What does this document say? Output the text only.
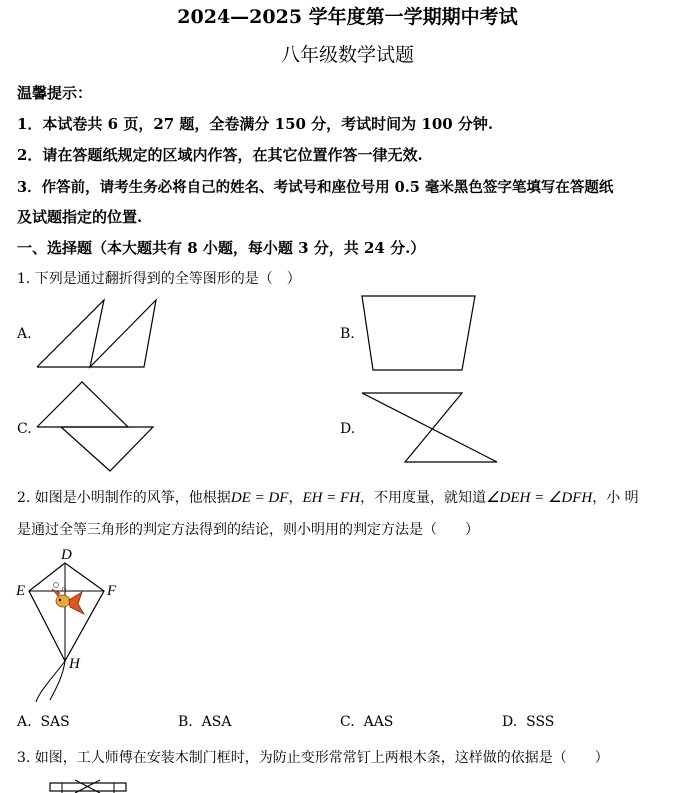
2024—2025 学年度第一学期期中考试
八年级数学试题
温馨提示：
1．本试卷共 6 页，27 题，全卷满分 150 分，考试时间为 100 分钟.
2．请在答题纸规定的区域内作答，在其它位置作答一律无效.
3．作答前，请考生务必将自己的姓名、考试号和座位号用 0.5 毫米黑色签字笔填写在答题纸
及试题指定的位置.
一、选择题（本大题共有 8 小题，每小题 3 分，共 24 分.）
1. 下列是通过翻折得到的全等图形的是（　）
A.	B.
C.	D.
2. 如图是小明制作的风筝，他根据DE = DF，EH = FH，不用度量，就知道∠DEH = ∠DFH，小 明
是通过全等三角形的判定方法得到的结论，则小明用的判定方法是（　　）
D
E	F
H
A. SAS	B. ASA	C. AAS	D. SSS
3. 如图，工人师傅在安装木制门框时，为防止变形常常钉上两根木条，这样做的依据是（　　）
